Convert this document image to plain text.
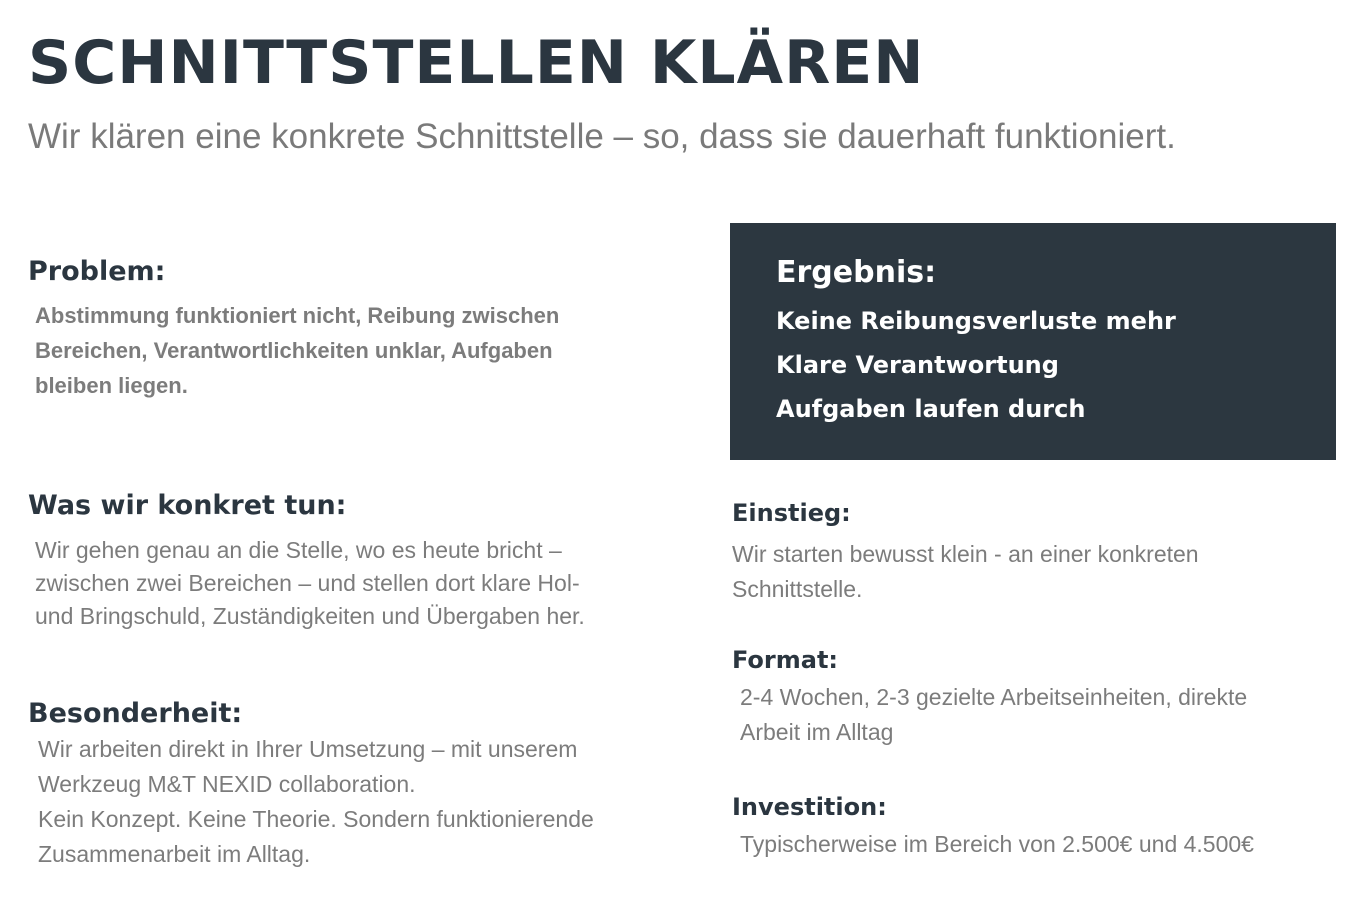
SCHNITTSTELLEN KLÄREN

Wir klären eine konkrete Schnittstelle – so, dass sie dauerhaft funktioniert.

Problem:

Abstimmung funktioniert nicht, Reibung zwischen
Bereichen, Verantwortlichkeiten unklar, Aufgaben
bleiben liegen.

Was wir konkret tun:

Wir gehen genau an die Stelle, wo es heute bricht –
zwischen zwei Bereichen – und stellen dort klare Hol-
und Bringschuld, Zuständigkeiten und Übergaben her.

Besonderheit:

Wir arbeiten direkt in Ihrer Umsetzung – mit unserem
Werkzeug M&T NEXID collaboration.
Kein Konzept. Keine Theorie. Sondern funktionierende
Zusammenarbeit im Alltag.

Ergebnis:
Keine Reibungsverluste mehr
Klare Verantwortung
Aufgaben laufen durch
Einstieg:

Wir starten bewusst klein - an einer konkreten
Schnittstelle.

Format:

2-4 Wochen, 2-3 gezielte Arbeitseinheiten, direkte
Arbeit im Alltag

Investition:

Typischerweise im Bereich von 2.500€ und 4.500€
